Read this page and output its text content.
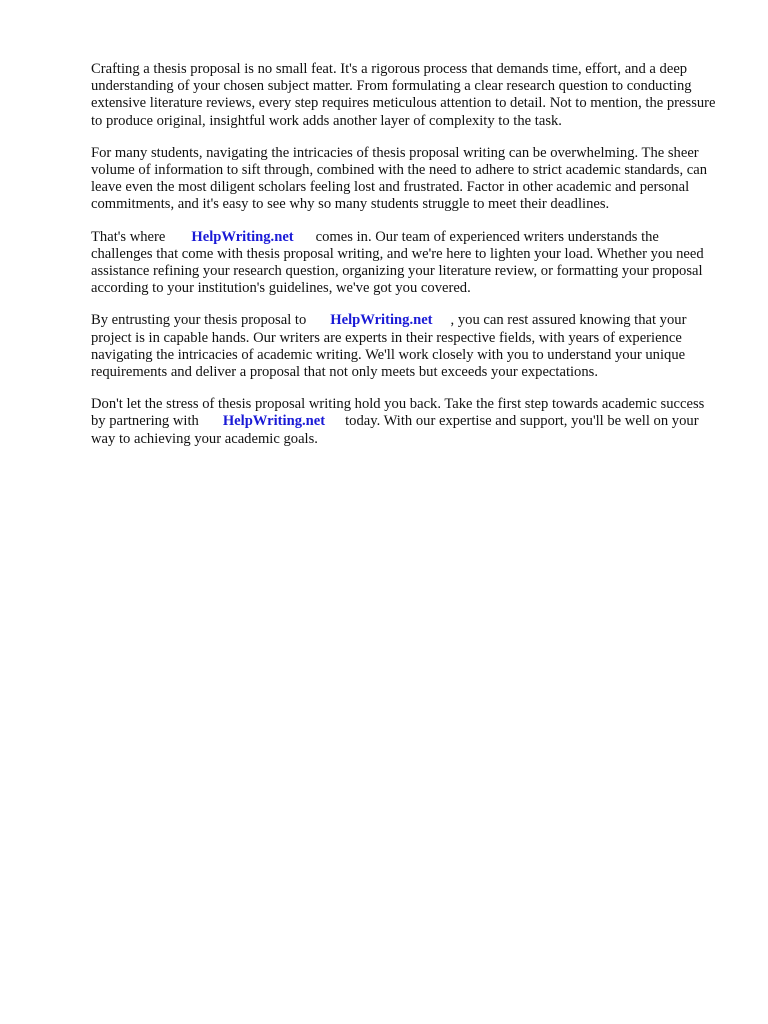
Crafting a thesis proposal is no small feat. It's a rigorous process that demands time, effort, and a deep understanding of your chosen subject matter. From formulating a clear research question to conducting extensive literature reviews, every step requires meticulous attention to detail. Not to mention, the pressure to produce original, insightful work adds another layer of complexity to the task.

For many students, navigating the intricacies of thesis proposal writing can be overwhelming. The sheer volume of information to sift through, combined with the need to adhere to strict academic standards, can leave even the most diligent scholars feeling lost and frustrated. Factor in other academic and personal commitments, and it's easy to see why so many students struggle to meet their deadlines.

That's where HelpWriting.net comes in. Our team of experienced writers understands the challenges that come with thesis proposal writing, and we're here to lighten your load. Whether you need assistance refining your research question, organizing your literature review, or formatting your proposal according to your institution's guidelines, we've got you covered.

By entrusting your thesis proposal to HelpWriting.net , you can rest assured knowing that your project is in capable hands. Our writers are experts in their respective fields, with years of experience navigating the intricacies of academic writing. We'll work closely with you to understand your unique requirements and deliver a proposal that not only meets but exceeds your expectations.

Don't let the stress of thesis proposal writing hold you back. Take the first step towards academic success by partnering with HelpWriting.net today. With our expertise and support, you'll be well on your way to achieving your academic goals.
